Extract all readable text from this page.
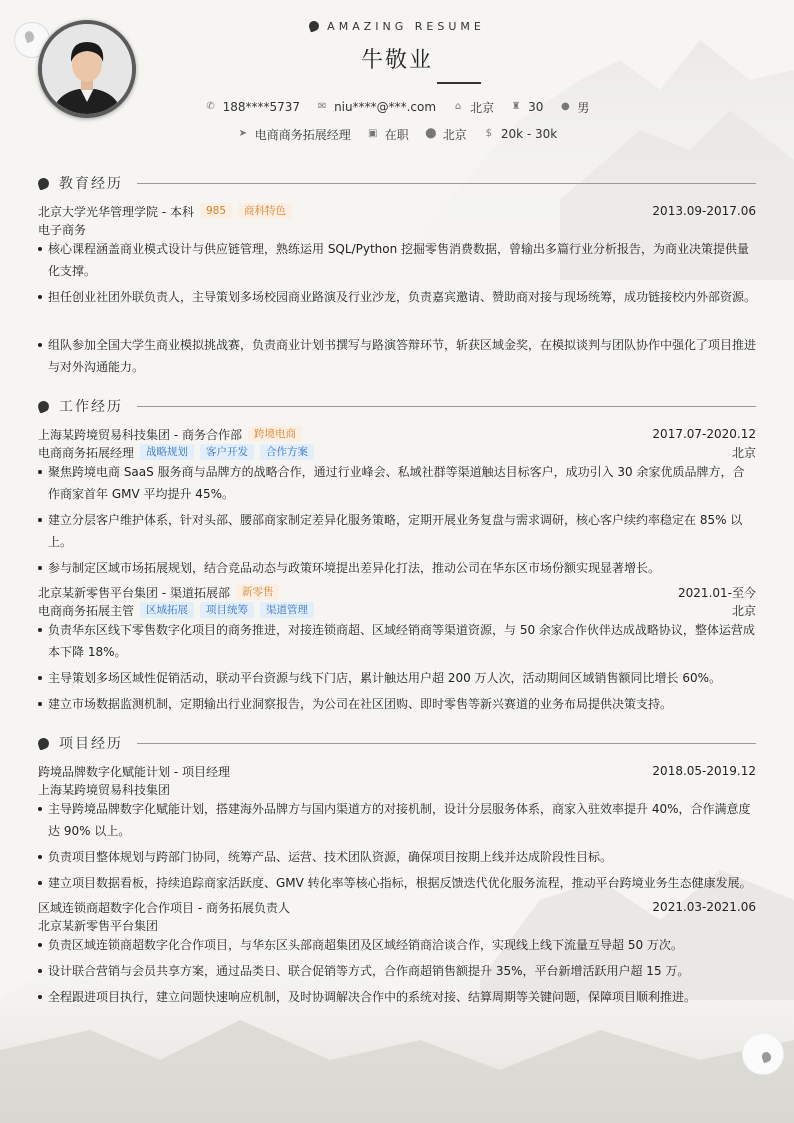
AMAZING RESUME
牛敬业
✆ 188****5737 ✉ niu****@***.com ⌂ 北京 ♜ 30 ● 男
➤ 电商商务拓展经理 ▣ 在职 ⬤ 北京 $ 20k - 30k
教育经历
北京大学光华管理学院 - 本科	985	商科特色	2013.09-2017.06
电子商务
核心课程涵盖商业模式设计与供应链管理，熟练运用 SQL/Python 挖掘零售消费数据，曾输出多篇行业分析报告，为商业决策提供量化支撑。
担任创业社团外联负责人，主导策划多场校园商业路演及行业沙龙，负责嘉宾邀请、赞助商对接与现场统筹，成功链接校内外部资源。
组队参加全国大学生商业模拟挑战赛，负责商业计划书撰写与路演答辩环节，斩获区域金奖，在模拟谈判与团队协作中强化了项目推进与对外沟通能力。
工作经历
上海某跨境贸易科技集团 - 商务合作部	跨境电商	2017.07-2020.12
电商商务拓展经理	战略规划	客户开发	合作方案	北京
聚焦跨境电商 SaaS 服务商与品牌方的战略合作，通过行业峰会、私域社群等渠道触达目标客户，成功引入 30 余家优质品牌方，合作商家首年 GMV 平均提升 45%。
建立分层客户维护体系，针对头部、腰部商家制定差异化服务策略，定期开展业务复盘与需求调研，核心客户续约率稳定在 85% 以上。
参与制定区域市场拓展规划，结合竞品动态与政策环境提出差异化打法，推动公司在华东区市场份额实现显著增长。
北京某新零售平台集团 - 渠道拓展部	新零售	2021.01-至今
电商商务拓展主管	区域拓展	项目统筹	渠道管理	北京
负责华东区线下零售数字化项目的商务推进，对接连锁商超、区域经销商等渠道资源，与 50 余家合作伙伴达成战略协议，整体运营成本下降 18%。
主导策划多场区域性促销活动，联动平台资源与线下门店，累计触达用户超 200 万人次，活动期间区域销售额同比增长 60%。
建立市场数据监测机制，定期输出行业洞察报告，为公司在社区团购、即时零售等新兴赛道的业务布局提供决策支持。
项目经历
跨境品牌数字化赋能计划 - 项目经理	2018.05-2019.12
上海某跨境贸易科技集团
主导跨境品牌数字化赋能计划，搭建海外品牌方与国内渠道方的对接机制，设计分层服务体系，商家入驻效率提升 40%，合作满意度达 90% 以上。
负责项目整体规划与跨部门协同，统筹产品、运营、技术团队资源，确保项目按期上线并达成阶段性目标。
建立项目数据看板，持续追踪商家活跃度、GMV 转化率等核心指标，根据反馈迭代优化服务流程，推动平台跨境业务生态健康发展。
区域连锁商超数字化合作项目 - 商务拓展负责人	2021.03-2021.06
北京某新零售平台集团
负责区域连锁商超数字化合作项目，与华东区头部商超集团及区域经销商洽谈合作，实现线上线下流量互导超 50 万次。
设计联合营销与会员共享方案，通过品类日、联合促销等方式，合作商超销售额提升 35%，平台新增活跃用户超 15 万。
全程跟进项目执行，建立问题快速响应机制，及时协调解决合作中的系统对接、结算周期等关键问题，保障项目顺利推进。
